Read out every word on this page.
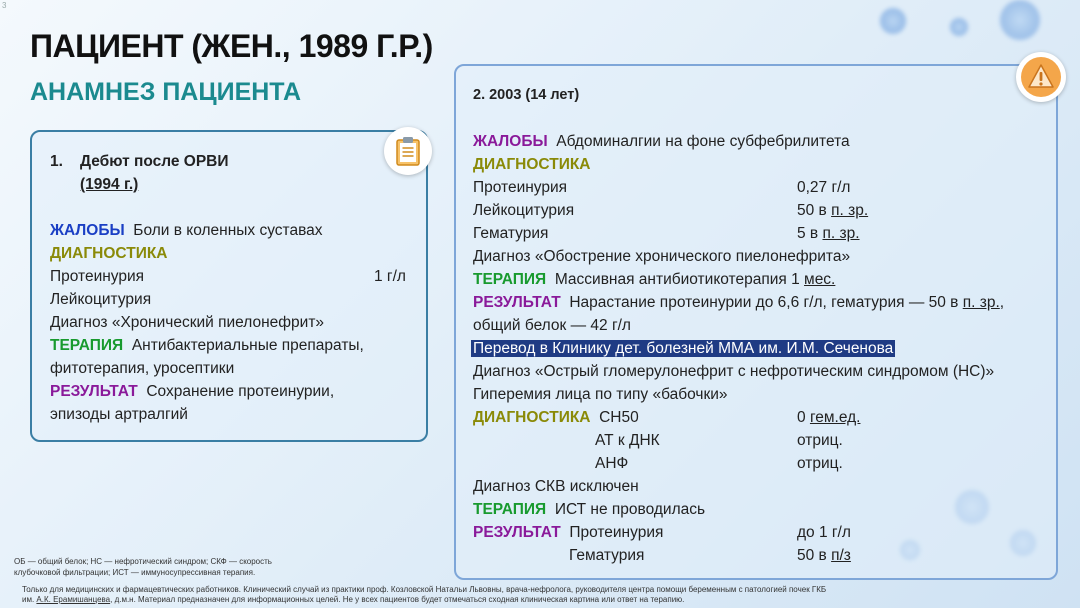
3
ПАЦИЕНТ (ЖЕН., 1989 Г.Р.)
АНАМНЕЗ ПАЦИЕНТА
1. Дебют после ОРВИ
(1994 г.)
ЖАЛОБЫ Боли в коленных суставах
ДИАГНОСТИКА
Протеинурия	1 г/л
Лейкоцитурия
Диагноз «Хронический пиелонефрит»
ТЕРАПИЯ Антибактериальные препараты,
фитотерапия, уросептики
РЕЗУЛЬТАТ Сохранение протеинурии,
эпизоды артралгий
2. 2003 (14 лет)
ЖАЛОБЫ Абдоминалгии на фоне субфебрилитета
ДИАГНОСТИКА
Протеинурия	0,27 г/л
Лейкоцитурия	50 в п. зр.
Гематурия	5 в п. зр.
Диагноз «Обострение хронического пиелонефрита»
ТЕРАПИЯ Массивная антибиотикотерапия 1 мес.
РЕЗУЛЬТАТ Нарастание протеинурии до 6,6 г/л, гематурия — 50 в п. зр.,
общий белок — 42 г/л
Перевод в Клинику дет. болезней ММА им. И.М. Сеченова
Диагноз «Острый гломерулонефрит с нефротическим синдромом (НС)»
Гиперемия лица по типу «бабочки»
ДИАГНОСТИКА CH50	0 гем.ед.
АТ к ДНК	отриц.
АНФ	отриц.
Диагноз СКВ исключен
ТЕРАПИЯ ИСТ не проводилась
РЕЗУЛЬТАТ Протеинурия	до 1 г/л
Гематурия	50 в п/з
ОБ — общий белок; НС — нефротический синдром; СКФ — скорость
клубочковой фильтрации; ИСТ — иммуносупрессивная терапия.
Только для медицинских и фармацевтических работников. Клинический случай из практики проф. Козловской Натальи Львовны, врача-нефролога, руководителя центра помощи беременным с патологией почек ГКБ
им. А.К. Ерамишанцева, д.м.н. Материал предназначен для информационных целей. Не у всех пациентов будет отмечаться сходная клиническая картина или ответ на терапию.
